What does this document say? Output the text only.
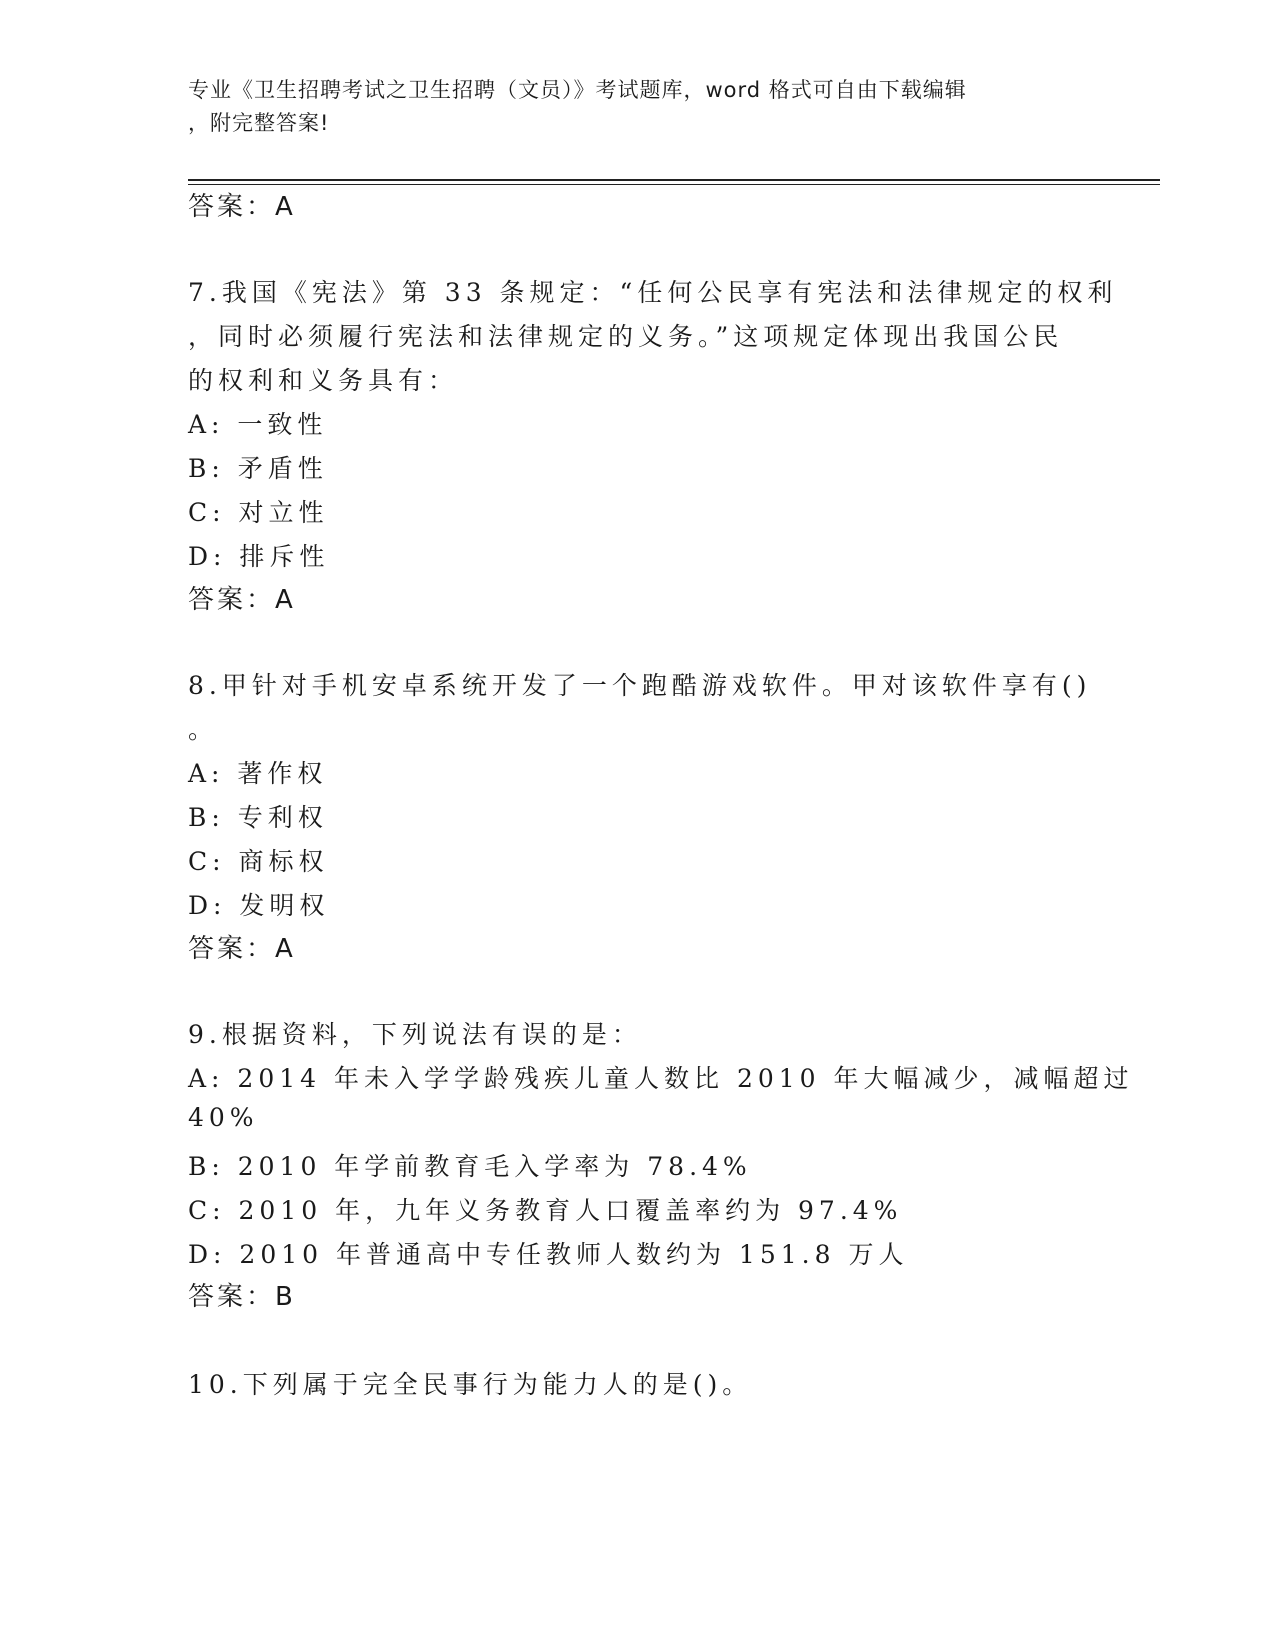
专业《卫生招聘考试之卫生招聘（文员）》考试题库，word 格式可自由下载编辑
，附完整答案!
答案：A
7.我国《宪法》第 33 条规定：“任何公民享有宪法和法律规定的权利
，同时必须履行宪法和法律规定的义务。”这项规定体现出我国公民
的权利和义务具有：
A: 一致性
B: 矛盾性
C: 对立性
D: 排斥性
答案：A
8.甲针对手机安卓系统开发了一个跑酷游戏软件。甲对该软件享有()
。
A: 著作权
B: 专利权
C: 商标权
D: 发明权
答案：A
9.根据资料，下列说法有误的是：
A: 2014 年未入学学龄残疾儿童人数比 2010 年大幅减少，减幅超过
40%
B: 2010 年学前教育毛入学率为 78.4%
C: 2010 年，九年义务教育人口覆盖率约为 97.4%
D: 2010 年普通高中专任教师人数约为 151.8 万人
答案：B
10.下列属于完全民事行为能力人的是()。
